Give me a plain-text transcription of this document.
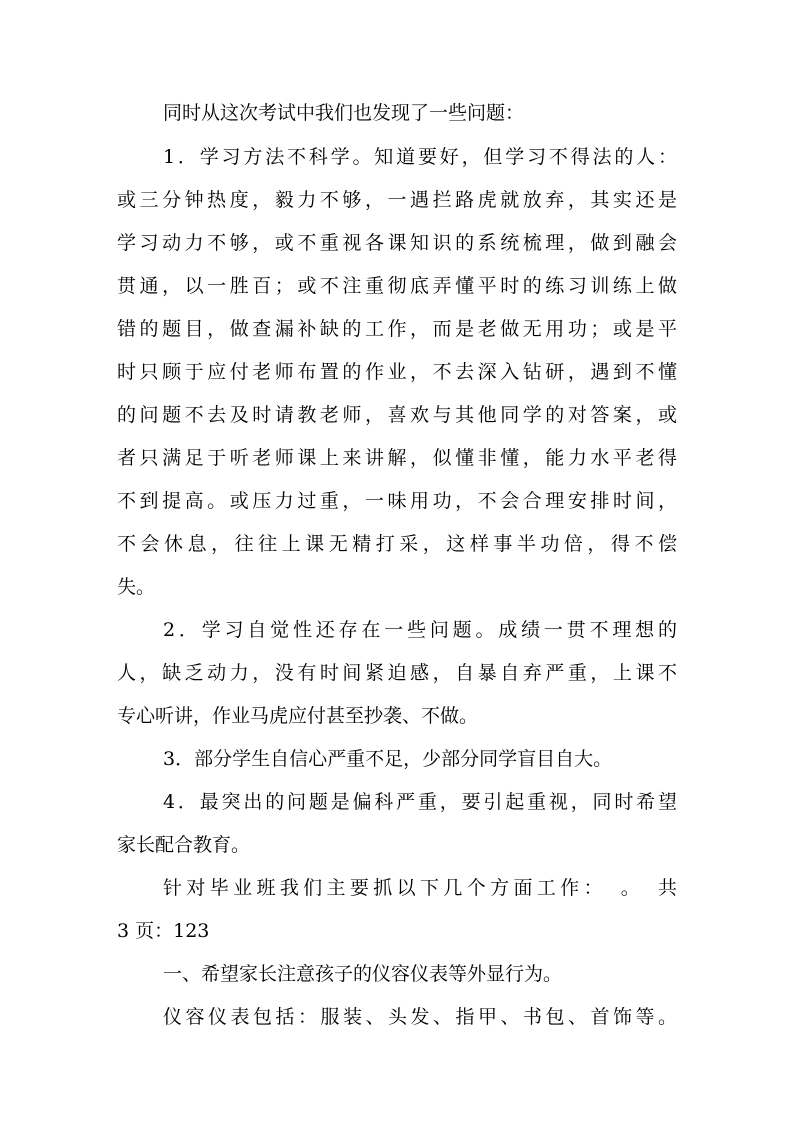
同时从这次考试中我们也发现了一些问题：
1．学习方法不科学。知道要好，但学习不得法的人：
或三分钟热度，毅力不够，一遇拦路虎就放弃，其实还是
学习动力不够，或不重视各课知识的系统梳理，做到融会
贯通，以一胜百；或不注重彻底弄懂平时的练习训练上做
错的题目，做查漏补缺的工作，而是老做无用功；或是平
时只顾于应付老师布置的作业，不去深入钻研，遇到不懂
的问题不去及时请教老师，喜欢与其他同学的对答案，或
者只满足于听老师课上来讲解，似懂非懂，能力水平老得
不到提高。或压力过重，一味用功，不会合理安排时间，
不会休息，往往上课无精打采，这样事半功倍，得不偿
失。
2．学习自觉性还存在一些问题。成绩一贯不理想的
人，缺乏动力，没有时间紧迫感，自暴自弃严重，上课不
专心听讲，作业马虎应付甚至抄袭、不做。
3．部分学生自信心严重不足，少部分同学盲目自大。
4．最突出的问题是偏科严重，要引起重视，同时希望
家长配合教育。
针对毕业班我们主要抓以下几个方面工作：　。　共
3 页：123
一、希望家长注意孩子的仪容仪表等外显行为。
仪容仪表包括：服装、头发、指甲、书包、首饰等。
